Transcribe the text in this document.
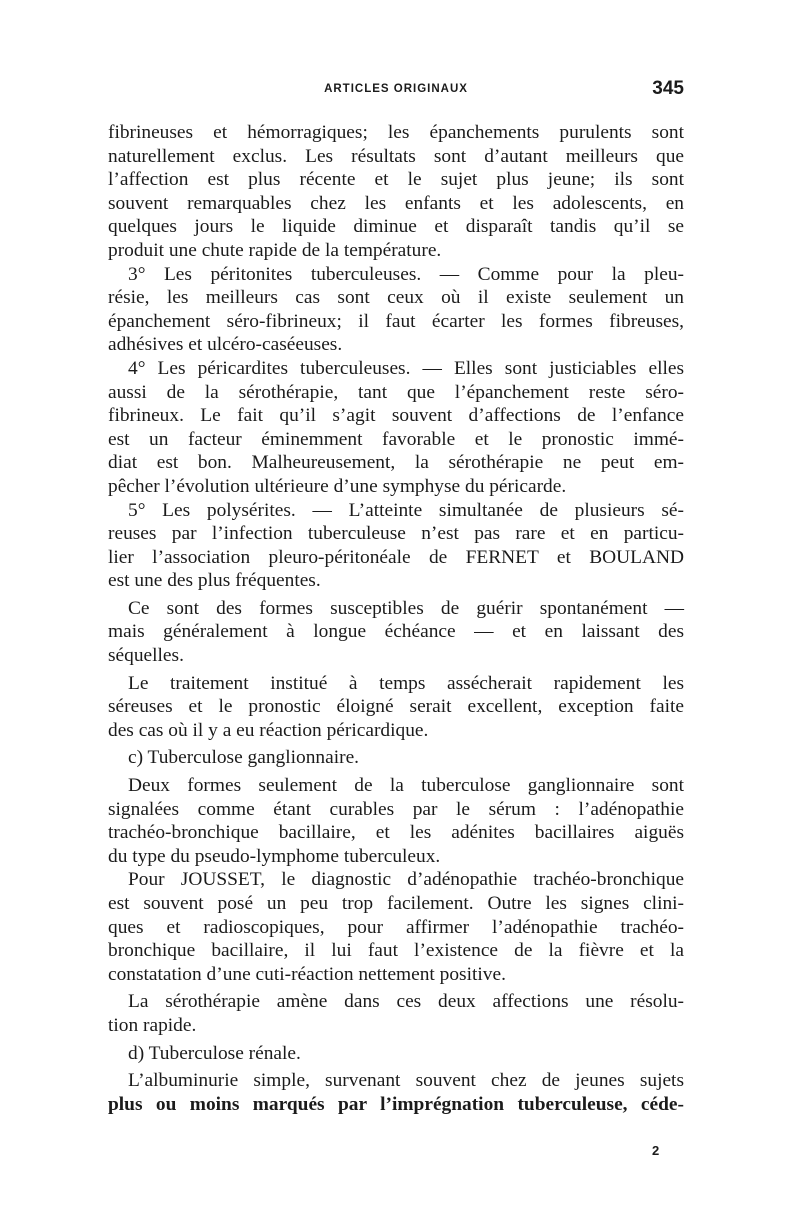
ARTICLES ORIGINAUX	345
fibrineuses et hémorragiques; les épanchements purulents sont
naturellement exclus. Les résultats sont d’autant meilleurs que
l’affection est plus récente et le sujet plus jeune; ils sont
souvent remarquables chez les enfants et les adolescents, en
quelques jours le liquide diminue et disparaît tandis qu’il se
produit une chute rapide de la température.
3° Les péritonites tuberculeuses. — Comme pour la pleu-
résie, les meilleurs cas sont ceux où il existe seulement un
épanchement séro-fibrineux; il faut écarter les formes fibreuses,
adhésives et ulcéro-caséeuses.
4° Les péricardites tuberculeuses. — Elles sont justiciables elles
aussi de la sérothérapie, tant que l’épanchement reste séro-
fibrineux. Le fait qu’il s’agit souvent d’affections de l’enfance
est un facteur éminemment favorable et le pronostic immé-
diat est bon. Malheureusement, la sérothérapie ne peut em-
pêcher l’évolution ultérieure d’une symphyse du péricarde.
5° Les polysérites. — L’atteinte simultanée de plusieurs sé-
reuses par l’infection tuberculeuse n’est pas rare et en particu-
lier l’association pleuro-péritonéale de FERNET et BOULAND
est une des plus fréquentes.
Ce sont des formes susceptibles de guérir spontanément —
mais généralement à longue échéance — et en laissant des
séquelles.
Le traitement institué à temps assécherait rapidement les
séreuses et le pronostic éloigné serait excellent, exception faite
des cas où il y a eu réaction péricardique.
c) Tuberculose ganglionnaire.
Deux formes seulement de la tuberculose ganglionnaire sont
signalées comme étant curables par le sérum : l’adénopathie
trachéo-bronchique bacillaire, et les adénites bacillaires aiguës
du type du pseudo-lymphome tuberculeux.
Pour JOUSSET, le diagnostic d’adénopathie trachéo-bronchique
est souvent posé un peu trop facilement. Outre les signes clini-
ques et radioscopiques, pour affirmer l’adénopathie trachéo-
bronchique bacillaire, il lui faut l’existence de la fièvre et la
constatation d’une cuti-réaction nettement positive.
La sérothérapie amène dans ces deux affections une résolu-
tion rapide.
d) Tuberculose rénale.
L’albuminurie simple, survenant souvent chez de jeunes sujets
plus ou moins marqués par l’imprégnation tuberculeuse, céde-
2
